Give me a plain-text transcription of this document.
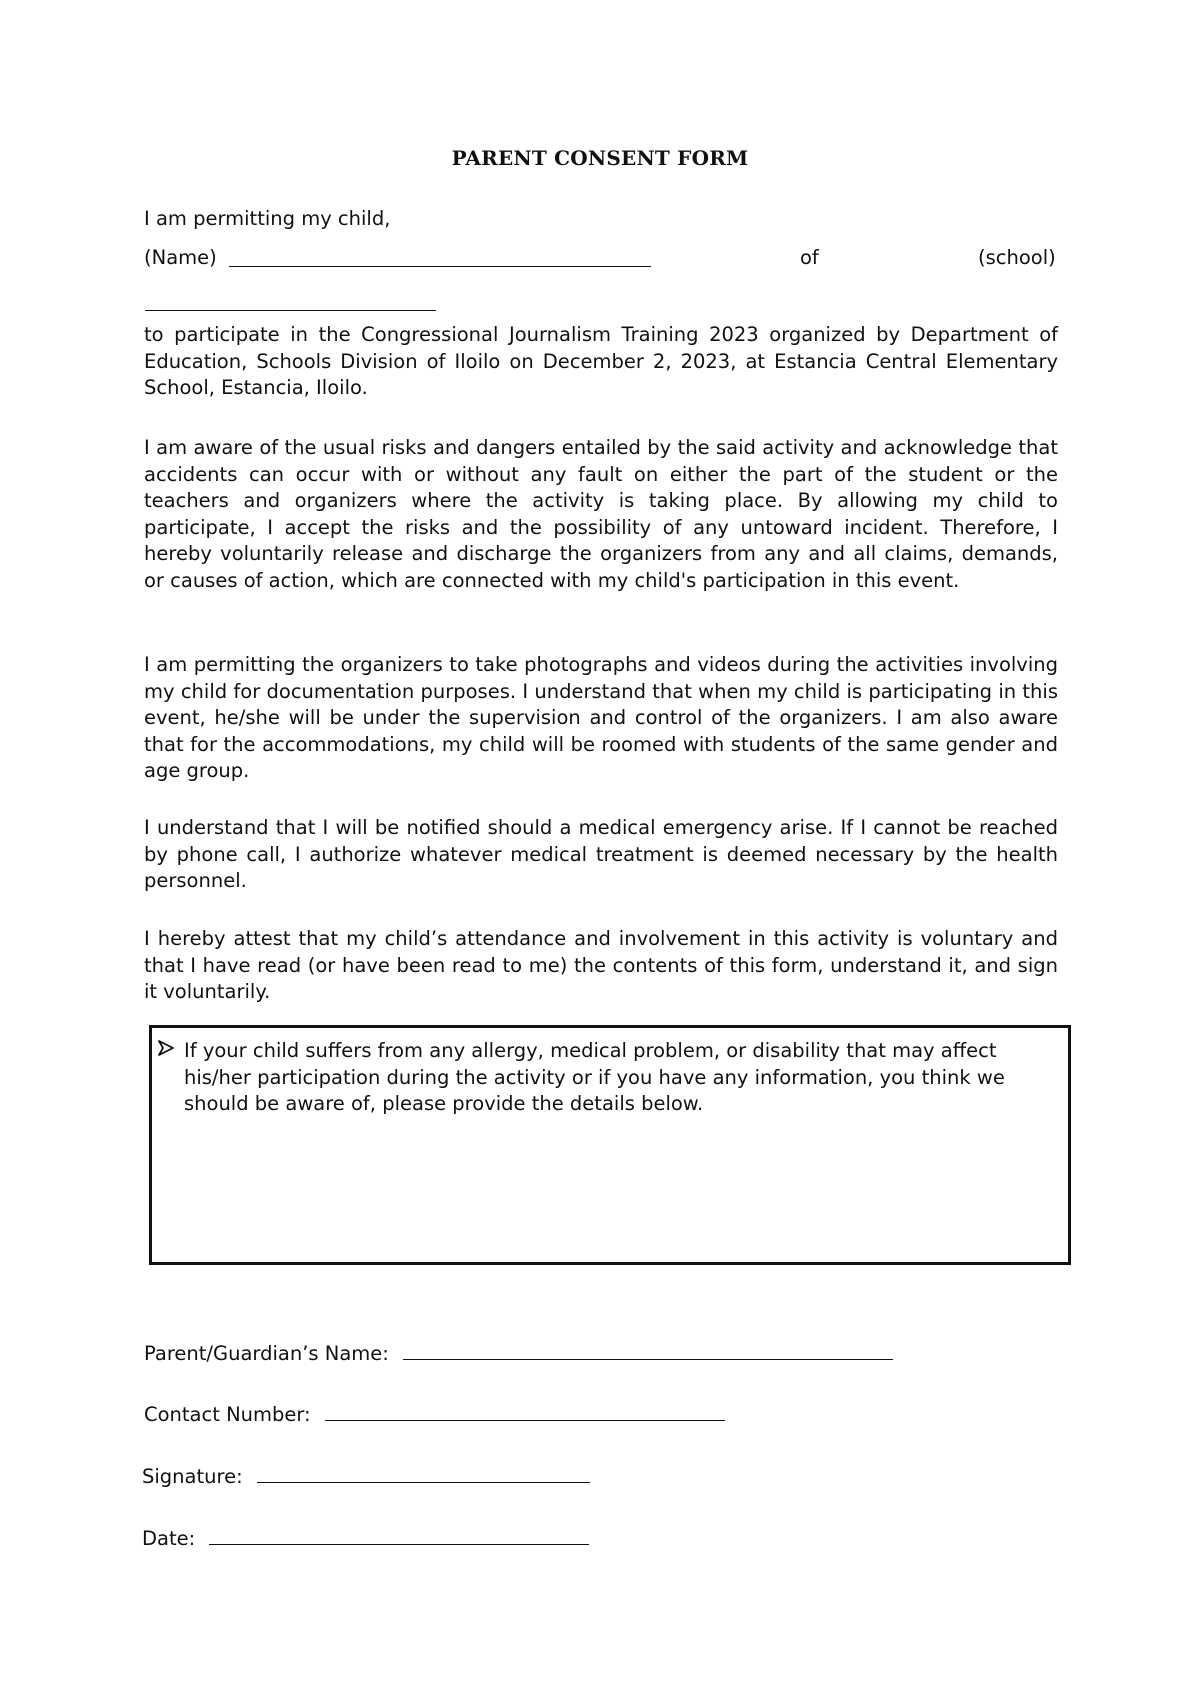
PARENT CONSENT FORM

I am permitting my child,

(Name)	of	(school)

to participate in the Congressional Journalism Training 2023 organized by Department of Education, Schools Division of Iloilo on December 2, 2023, at Estancia Central Elementary School, Estancia, Iloilo.

I am aware of the usual risks and dangers entailed by the said activity and acknowledge that accidents can occur with or without any fault on either the part of the student or the teachers and organizers where the activity is taking place. By allowing my child to participate, I accept the risks and the possibility of any untoward incident. Therefore, I hereby voluntarily release and discharge the organizers from any and all claims, demands, or causes of action, which are connected with my child's participation in this event.

I am permitting the organizers to take photographs and videos during the activities involving my child for documentation purposes. I understand that when my child is participating in this event, he/she will be under the supervision and control of the organizers. I am also aware that for the accommodations, my child will be roomed with students of the same gender and age group.

I understand that I will be notified should a medical emergency arise. If I cannot be reached by phone call, I authorize whatever medical treatment is deemed necessary by the health personnel.

I hereby attest that my child’s attendance and involvement in this activity is voluntary and that I have read (or have been read to me) the contents of this form, understand it, and sign it voluntarily.

If your child suffers from any allergy, medical problem, or disability that may affect his/her participation during the activity or if you have any information, you think we should be aware of, please provide the details below.

Parent/Guardian’s Name:
Contact Number:
Signature:
Date:
